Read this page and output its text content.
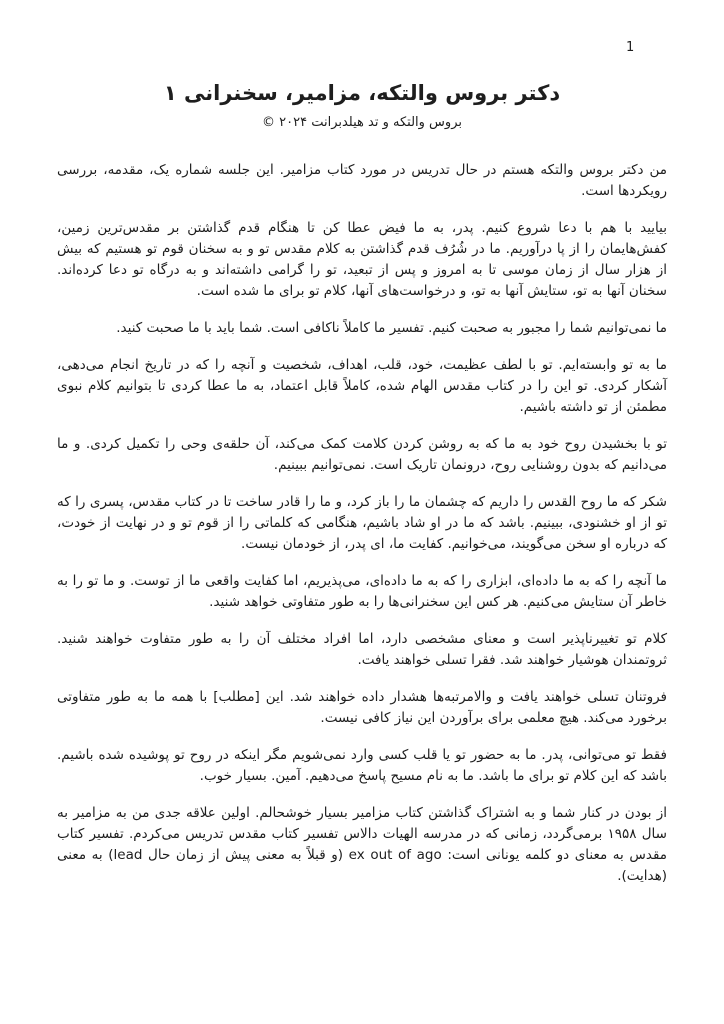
1
دکتر بروس والتکه، مزامیر، سخنرانی ۱
بروس والتکه و تد هیلدبرانت ۲۰۲۴ ©

من دکتر بروس والتکه هستم در حال تدریس در مورد کتاب مزامیر. این جلسه شماره یک، مقدمه، بررسی رویکردها است.

بیایید با هم با دعا شروع کنیم. پدر، به ما فیض عطا کن تا هنگام قدم گذاشتن بر مقدس‌ترین زمین، کفش‌هایمان را از پا درآوریم. ما در شُرُف قدم گذاشتن به کلام مقدس تو و به سخنان قوم تو هستیم که بیش از هزار سال از زمان موسی تا به امروز و پس از تبعید، تو را گرامی داشته‌اند و به درگاه تو دعا کرده‌اند. سخنان آنها به تو، ستایش آنها به تو، و درخواست‌های آنها، کلام تو برای ما شده است.

ما نمی‌توانیم شما را مجبور به صحبت کنیم. تفسیر ما کاملاً ناکافی است. شما باید با ما صحبت کنید.

ما به تو وابسته‌ایم. تو با لطف عظیمت، خود، قلب، اهداف، شخصیت و آنچه را که در تاریخ انجام می‌دهی، آشکار کردی. تو این را در کتاب مقدس الهام شده، کاملاً قابل اعتماد، به ما عطا کردی تا بتوانیم کلام نبوی مطمئن از تو داشته باشیم.

تو با بخشیدن روح خود به ما که به روشن کردن کلامت کمک می‌کند، آن حلقه‌ی وحی را تکمیل کردی. و ما می‌دانیم که بدون روشنایی روح، درونمان تاریک است. نمی‌توانیم ببینیم.

شکر که ما روح القدس را داریم که چشمان ما را باز کرد، و ما را قادر ساخت تا در کتاب مقدس، پسری را که تو از او خشنودی، ببینیم. باشد که ما در او شاد باشیم، هنگامی که کلماتی را از قوم تو و در نهایت از خودت، که درباره او سخن می‌گویند، می‌خوانیم. کفایت ما، ای پدر، از خودمان نیست.

ما آنچه را که به ما داده‌ای، ابزاری را که به ما داده‌ای، می‌پذیریم، اما کفایت واقعی ما از توست. و ما تو را به خاطر آن ستایش می‌کنیم. هر کس این سخنرانی‌ها را به طور متفاوتی خواهد شنید.

کلام تو تغییرناپذیر است و معنای مشخصی دارد، اما افراد مختلف آن را به طور متفاوت خواهند شنید. ثروتمندان هوشیار خواهند شد. فقرا تسلی خواهند یافت.

فروتنان تسلی خواهند یافت و والامرتبه‌ها هشدار داده خواهند شد. این [مطلب] با همه ما به طور متفاوتی برخورد می‌کند. هیچ معلمی برای برآوردن این نیاز کافی نیست.

فقط تو می‌توانی، پدر. ما به حضور تو یا قلب کسی وارد نمی‌شویم مگر اینکه در روح تو پوشیده شده باشیم. باشد که این کلام تو برای ما باشد. ما به نام مسیح پاسخ می‌دهیم. آمین. بسیار خوب.

از بودن در کنار شما و به اشتراک گذاشتن کتاب مزامیر بسیار خوشحالم. اولین علاقه جدی من به مزامیر به سال ۱۹۵۸ برمی‌گردد، زمانی که در مدرسه الهیات دالاس تفسیر کتاب مقدس تدریس می‌کردم. تفسیر کتاب مقدس به معنای دو کلمه یونانی است: ex out of ago (و قبلاً به معنی پیش از زمان حال lead) به معنی (هدایت).
